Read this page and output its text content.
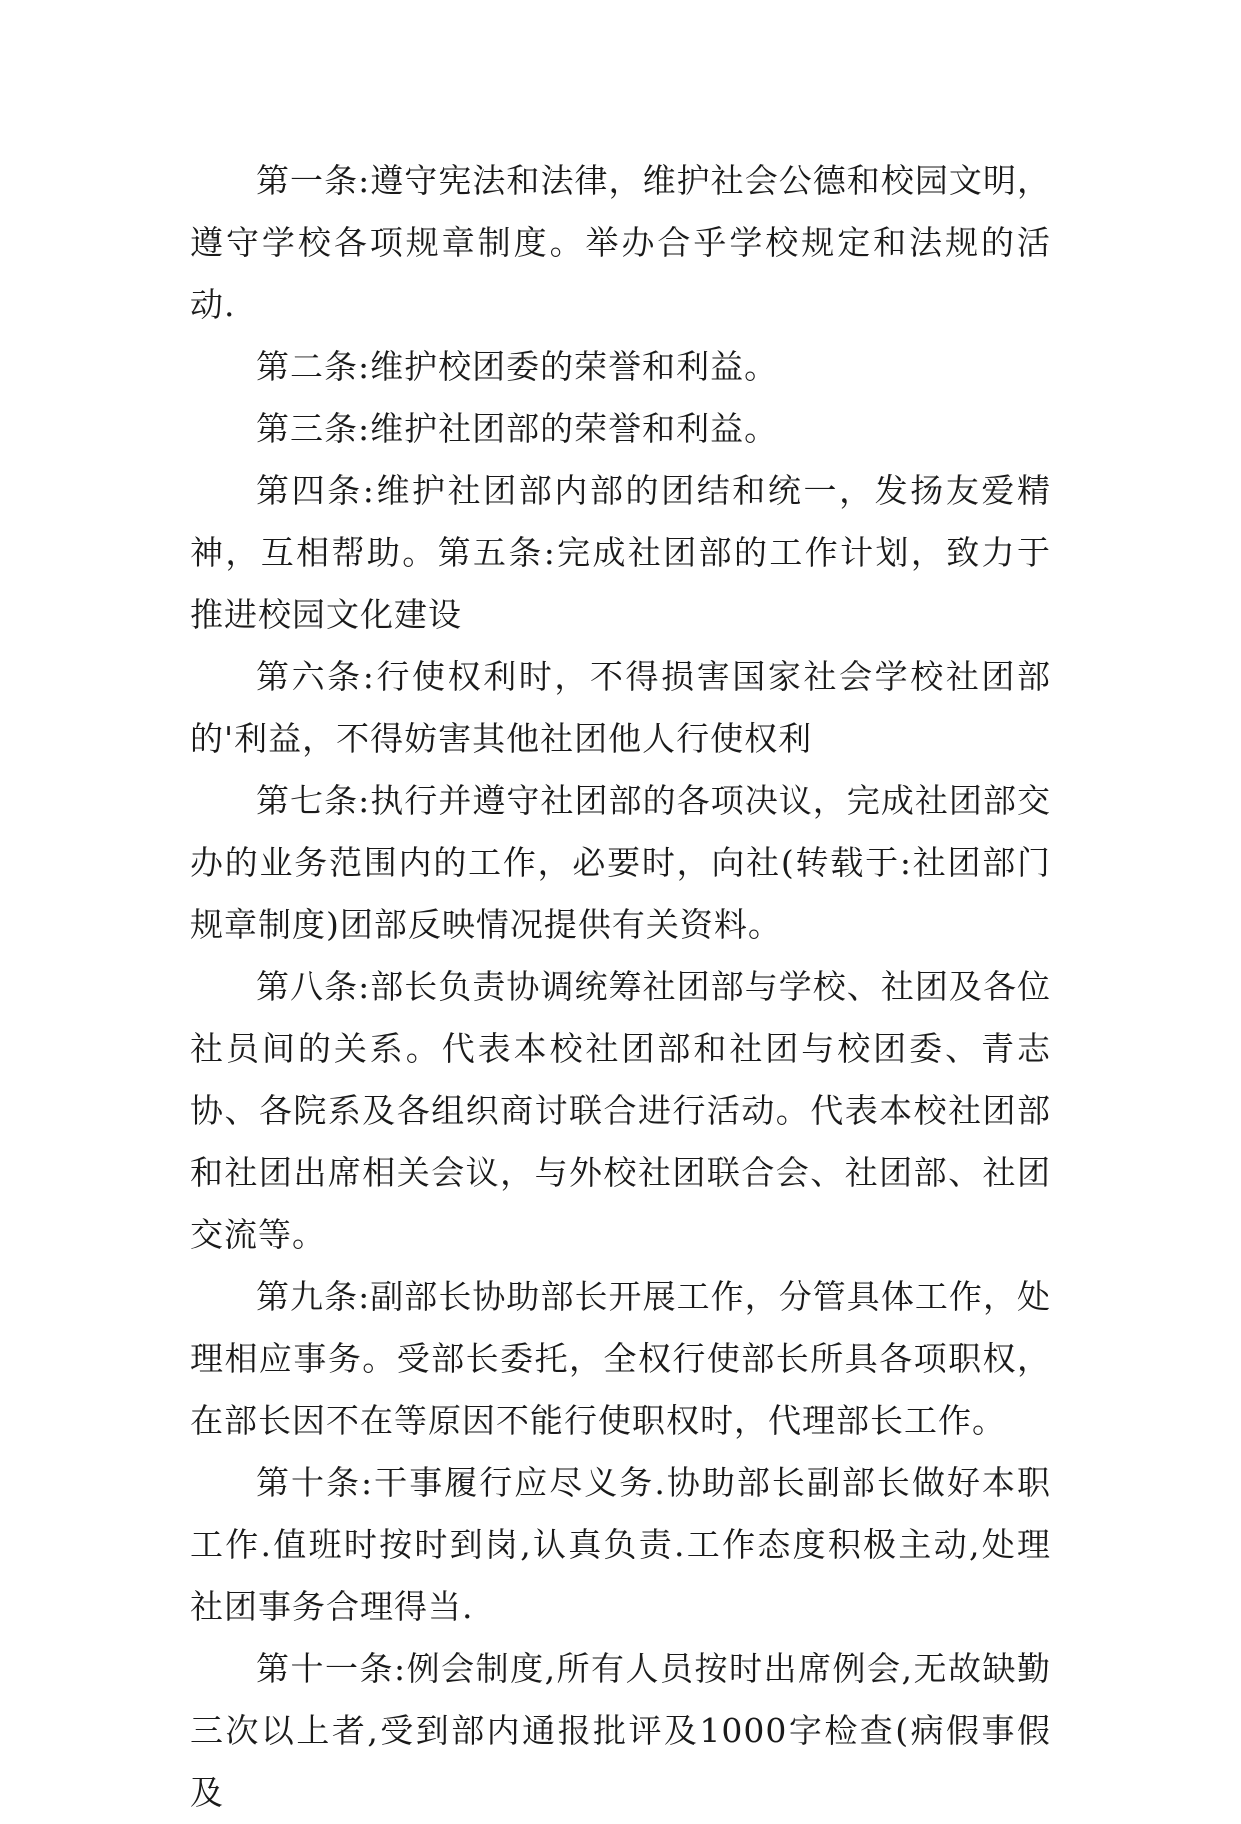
第一条:遵守宪法和法律，维护社会公德和校园文明，遵守学校各项规章制度。举办合乎学校规定和法规的活动.

第二条:维护校团委的荣誉和利益。

第三条:维护社团部的荣誉和利益。

第四条:维护社团部内部的团结和统一，发扬友爱精神，互相帮助。第五条:完成社团部的工作计划，致力于推进校园文化建设

第六条:行使权利时，不得损害国家社会学校社团部的'利益，不得妨害其他社团他人行使权利

第七条:执行并遵守社团部的各项决议，完成社团部交办的业务范围内的工作，必要时，向社(转载于:社团部门规章制度)团部反映情况提供有关资料。

第八条:部长负责协调统筹社团部与学校、社团及各位社员间的关系。代表本校社团部和社团与校团委、青志协、各院系及各组织商讨联合进行活动。代表本校社团部和社团出席相关会议，与外校社团联合会、社团部、社团交流等。

第九条:副部长协助部长开展工作，分管具体工作，处理相应事务。受部长委托，全权行使部长所具各项职权，在部长因不在等原因不能行使职权时，代理部长工作。

第十条:干事履行应尽义务.协助部长副部长做好本职工作.值班时按时到岗,认真负责.工作态度积极主动,处理社团事务合理得当.

第十一条:例会制度,所有人员按时出席例会,无故缺勤三次以上者,受到部内通报批评及1000字检查(病假事假及
